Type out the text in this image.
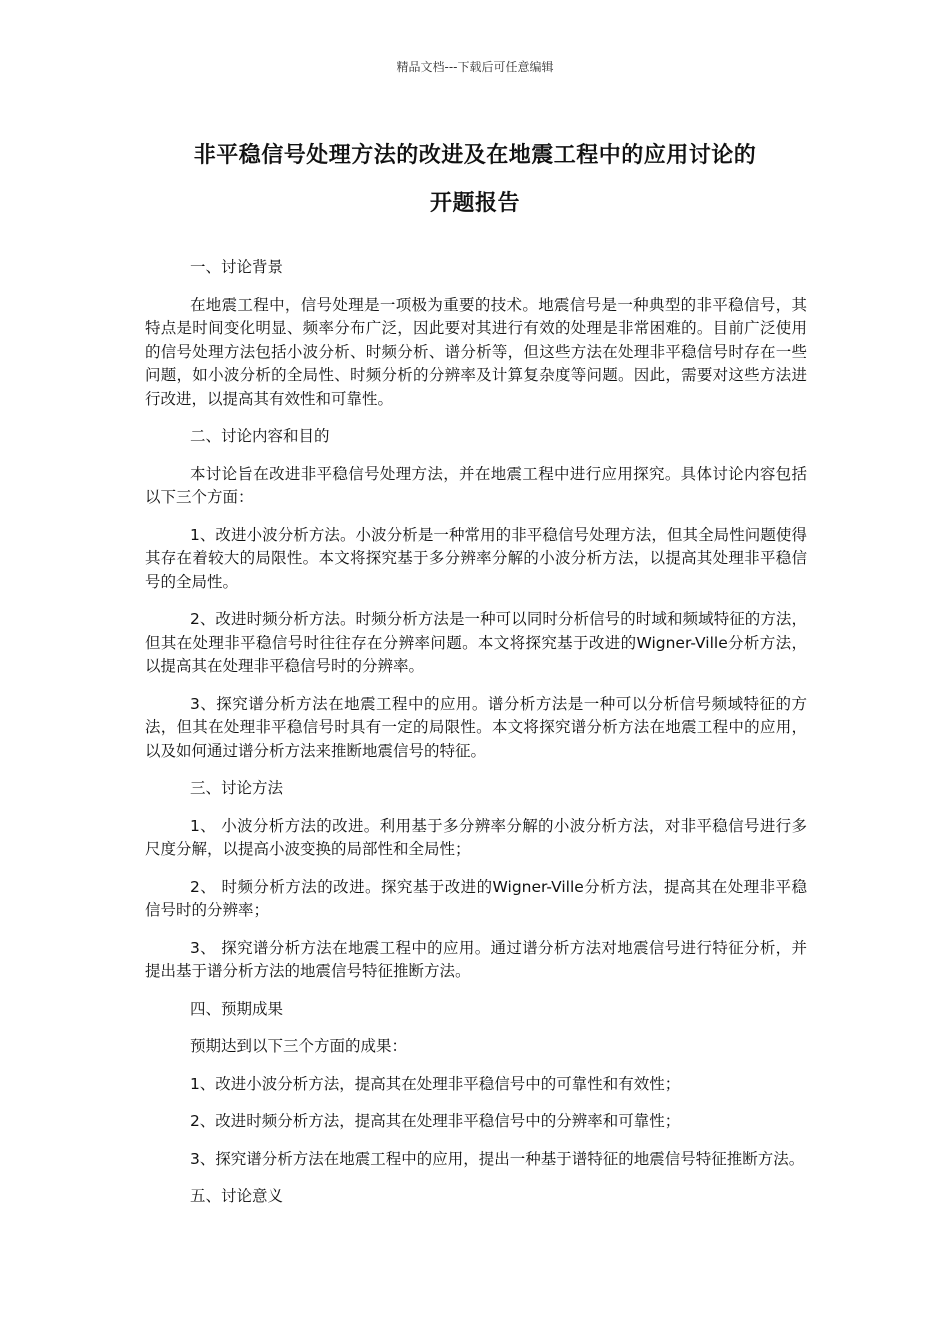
精品文档---下载后可任意编辑
非平稳信号处理方法的改进及在地震工程中的应用讨论的
开题报告

一、讨论背景

在地震工程中，信号处理是一项极为重要的技术。地震信号是一种典型的非平稳信号，其特点是时间变化明显、频率分布广泛，因此要对其进行有效的处理是非常困难的。目前广泛使用的信号处理方法包括小波分析、时频分析、谱分析等，但这些方法在处理非平稳信号时存在一些问题，如小波分析的全局性、时频分析的分辨率及计算复杂度等问题。因此，需要对这些方法进行改进，以提高其有效性和可靠性。

二、讨论内容和目的

本讨论旨在改进非平稳信号处理方法，并在地震工程中进行应用探究。具体讨论内容包括以下三个方面：

1、改进小波分析方法。小波分析是一种常用的非平稳信号处理方法，但其全局性问题使得其存在着较大的局限性。本文将探究基于多分辨率分解的小波分析方法，以提高其处理非平稳信号的全局性。

2、改进时频分析方法。时频分析方法是一种可以同时分析信号的时域和频域特征的方法，但其在处理非平稳信号时往往存在分辨率问题。本文将探究基于改进的Wigner-Ville分析方法，以提高其在处理非平稳信号时的分辨率。

3、探究谱分析方法在地震工程中的应用。谱分析方法是一种可以分析信号频域特征的方法，但其在处理非平稳信号时具有一定的局限性。本文将探究谱分析方法在地震工程中的应用，以及如何通过谱分析方法来推断地震信号的特征。

三、讨论方法

1、 小波分析方法的改进。利用基于多分辨率分解的小波分析方法，对非平稳信号进行多尺度分解，以提高小波变换的局部性和全局性；

2、 时频分析方法的改进。探究基于改进的Wigner-Ville分析方法，提高其在处理非平稳信号时的分辨率；

3、 探究谱分析方法在地震工程中的应用。通过谱分析方法对地震信号进行特征分析，并提出基于谱分析方法的地震信号特征推断方法。

四、预期成果

预期达到以下三个方面的成果：

1、改进小波分析方法，提高其在处理非平稳信号中的可靠性和有效性；

2、改进时频分析方法，提高其在处理非平稳信号中的分辨率和可靠性；

3、探究谱分析方法在地震工程中的应用，提出一种基于谱特征的地震信号特征推断方法。

五、讨论意义
